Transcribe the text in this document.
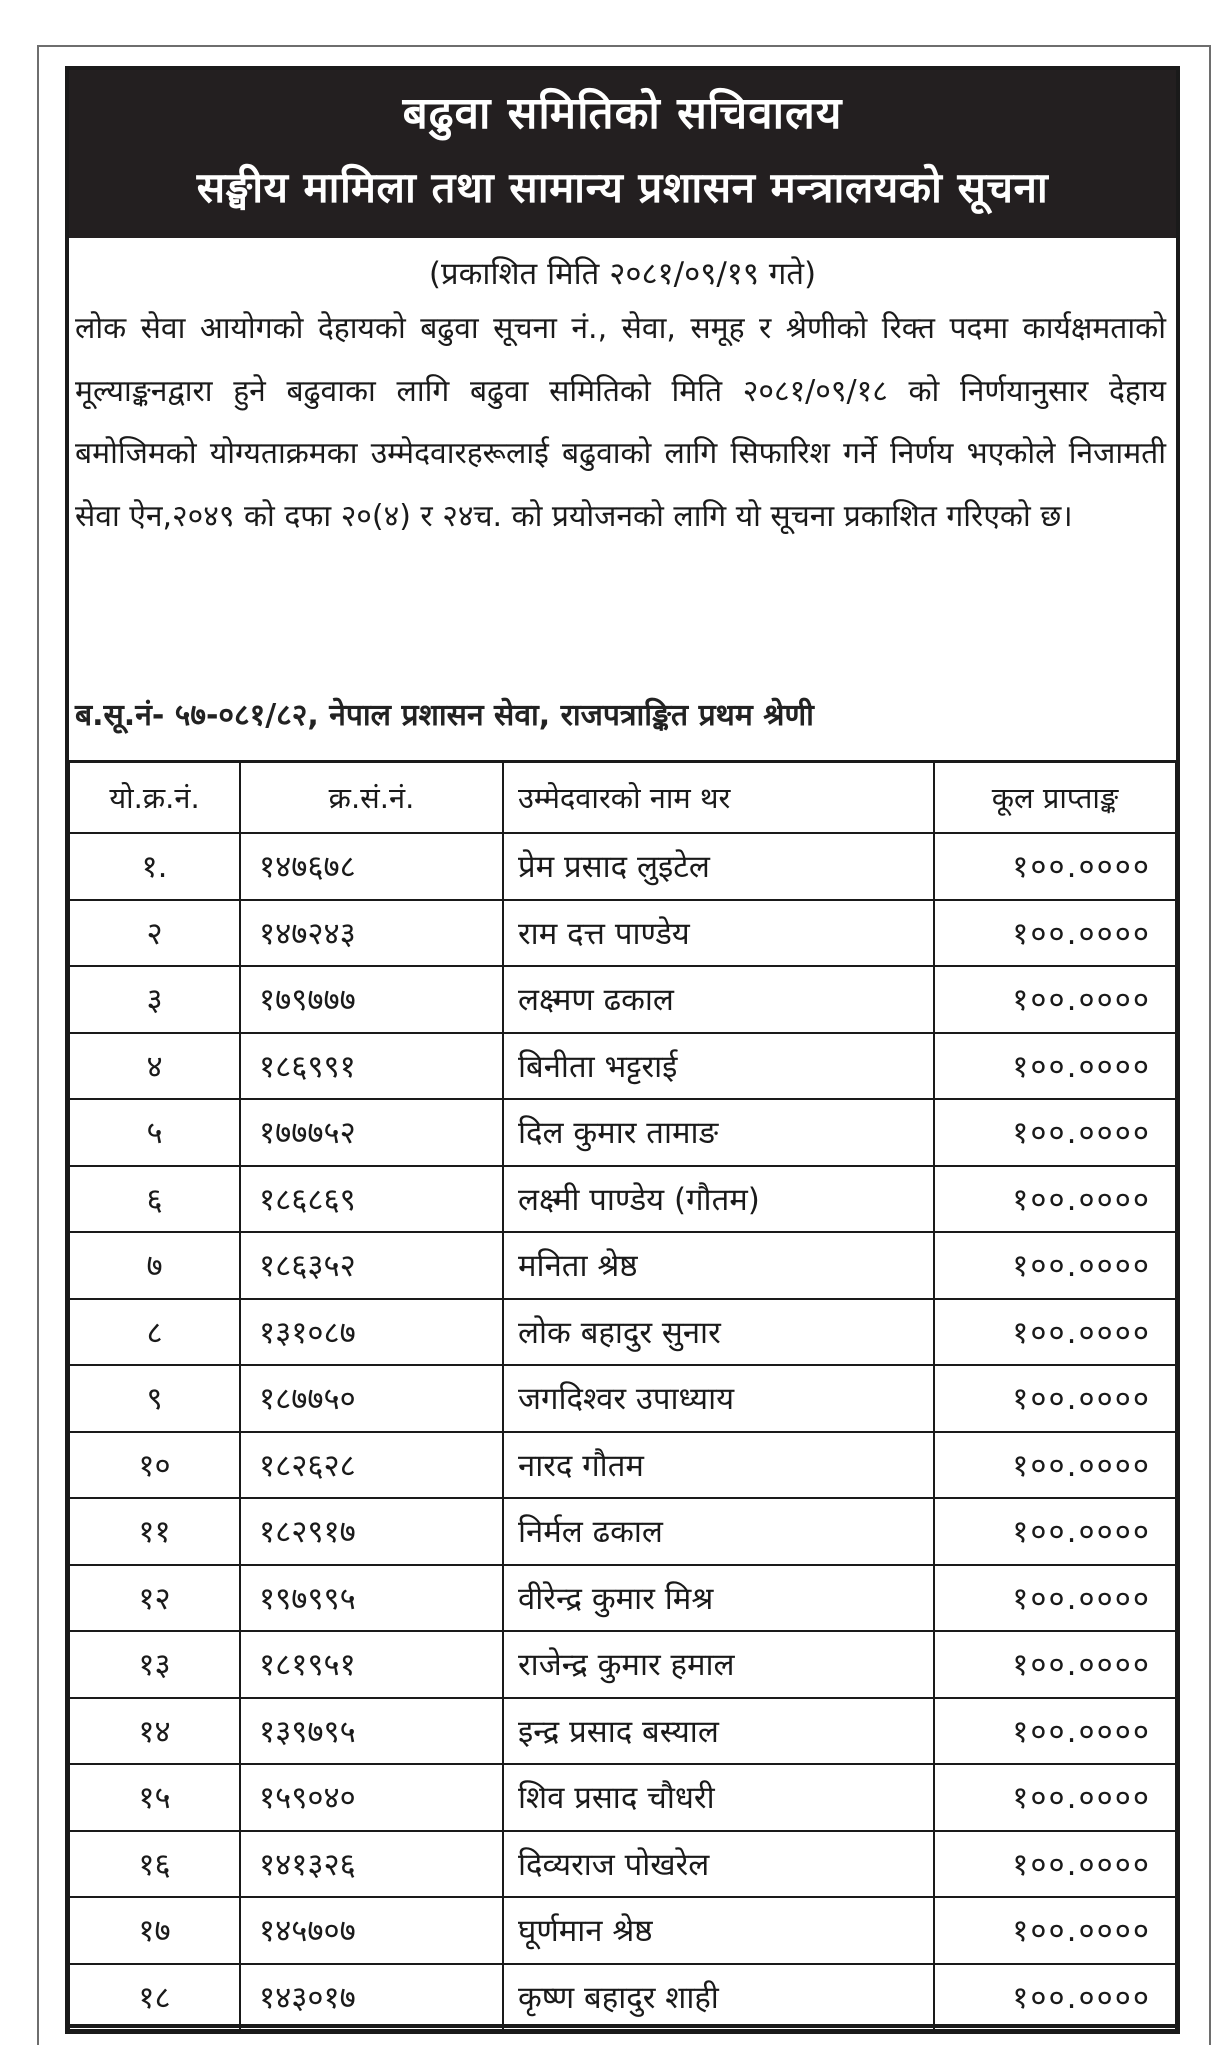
बढुवा समितिको सचिवालय
सङ्घीय मामिला तथा सामान्य प्रशासन मन्त्रालयको सूचना
(प्रकाशित मिति २०८१/०९/१९ गते)
लोक सेवा आयोगको देहायको बढुवा सूचना नं., सेवा, समूह र श्रेणीको रिक्त पदमा कार्यक्षमताको मूल्याङ्कनद्वारा हुने बढुवाका लागि बढुवा समितिको मिति २०८१/०९/१८ को निर्णयानुसार देहाय बमोजिमको योग्यताक्रमका उम्मेदवारहरूलाई बढुवाको लागि सिफारिश गर्ने निर्णय भएकोले निजामती सेवा ऐन,२०४९ को दफा २०(४) र २४च. को प्रयोजनको लागि यो सूचना प्रकाशित गरिएको छ।
ब.सू.नं- ५७-०८१/८२, नेपाल प्रशासन सेवा, राजपत्राङ्कित प्रथम श्रेणी
यो.क्र.नं.	क्र.सं.नं.	उम्मेदवारको नाम थर	कूल प्राप्ताङ्क
१.	१४७६७८	प्रेम प्रसाद लुइटेल	१००.००००
२	१४७२४३	राम दत्त पाण्डेय	१००.००००
३	१७९७७७	लक्ष्मण ढकाल	१००.००००
४	१८६९९१	बिनीता भट्टराई	१००.००००
५	१७७७५२	दिल कुमार तामाङ	१००.००००
६	१८६८६९	लक्ष्मी पाण्डेय (गौतम)	१००.००००
७	१८६३५२	मनिता श्रेष्ठ	१००.००००
८	१३१०८७	लोक बहादुर सुनार	१००.००००
९	१८७७५०	जगदिश्वर उपाध्याय	१००.००००
१०	१८२६२८	नारद गौतम	१००.००००
११	१८२९१७	निर्मल ढकाल	१००.००००
१२	१९७९९५	वीरेन्द्र कुमार मिश्र	१००.००००
१३	१८१९५१	राजेन्द्र कुमार हमाल	१००.००००
१४	१३९७९५	इन्द्र प्रसाद बस्याल	१००.००००
१५	१५९०४०	शिव प्रसाद चौधरी	१००.००००
१६	१४१३२६	दिव्यराज पोखरेल	१००.००००
१७	१४५७०७	घूर्णमान श्रेष्ठ	१००.००००
१८	१४३०१७	कृष्ण बहादुर शाही	१००.००००
